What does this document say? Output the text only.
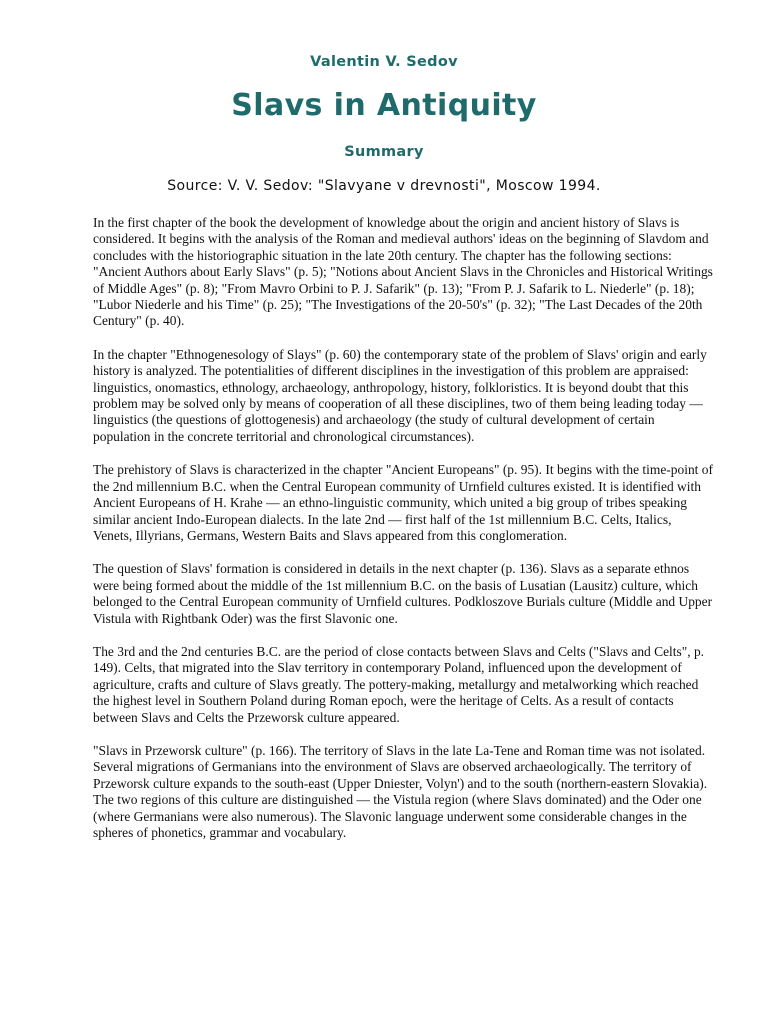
Valentin V. Sedov
Slavs in Antiquity
Summary
Source: V. V. Sedov: "Slavyane v drevnosti", Moscow 1994.

In the first chapter of the book the development of knowledge about the origin and ancient history of Slavs is considered. It begins with the analysis of the Roman and medieval authors' ideas on the beginning of Slavdom and concludes with the historiographic situation in the late 20th century. The chapter has the following sections: "Ancient Authors about Early Slavs" (p. 5); "Notions about Ancient Slavs in the Chronicles and Historical Writings of Middle Ages" (p. 8); "From Mavro Orbini to P. J. Safarik" (p. 13); "From P. J. Safarik to L. Niederle" (p. 18); "Lubor Niederle and his Time" (p. 25); "The Investigations of the 20-50's" (p. 32); "The Last Decades of the 20th Century" (p. 40).

In the chapter "Ethnogenesology of Slays" (p. 60) the contemporary state of the problem of Slavs' origin and early history is analyzed. The potentialities of different disciplines in the investigation of this problem are appraised: linguistics, onomastics, ethnology, archaeology, anthropology, history, folkloristics. It is beyond doubt that this problem may be solved only by means of cooperation of all these disciplines, two of them being leading today — linguistics (the questions of glottogenesis) and archaeology (the study of cultural development of certain population in the concrete territorial and chronological circumstances).

The prehistory of Slavs is characterized in the chapter "Ancient Europeans" (p. 95). It begins with the time-point of the 2nd millennium B.C. when the Central European community of Urnfield cultures existed. It is identified with Ancient Europeans of H. Krahe — an ethno-linguistic community, which united a big group of tribes speaking similar ancient Indo-European dialects. In the late 2nd — first half of the 1st millennium B.C. Celts, Italics, Venets, Illyrians, Germans, Western Baits and Slavs appeared from this conglomeration.

The question of Slavs' formation is considered in details in the next chapter (p. 136). Slavs as a separate ethnos were being formed about the middle of the 1st millennium B.C. on the basis of Lusatian (Lausitz) culture, which belonged to the Central European community of Urnfield cultures. Podkloszove Burials culture (Middle and Upper Vistula with Rightbank Oder) was the first Slavonic one.

The 3rd and the 2nd centuries B.C. are the period of close contacts between Slavs and Celts ("Slavs and Celts", p. 149). Celts, that migrated into the Slav territory in contemporary Poland, influenced upon the development of agriculture, crafts and culture of Slavs greatly. The pottery-making, metallurgy and metalworking which reached the highest level in Southern Poland during Roman epoch, were the heritage of Celts. As a result of contacts between Slavs and Celts the Przeworsk culture appeared.

"Slavs in Przeworsk culture" (p. 166). The territory of Slavs in the late La-Tene and Roman time was not isolated. Several migrations of Germanians into the environment of Slavs are observed archaeologically. The territory of Przeworsk culture expands to the south-east (Upper Dniester, Volyn') and to the south (northern-eastern Slovakia). The two regions of this culture are distinguished — the Vistula region (where Slavs dominated) and the Oder one (where Germanians were also numerous). The Slavonic language underwent some considerable changes in the spheres of phonetics, grammar and vocabulary.
